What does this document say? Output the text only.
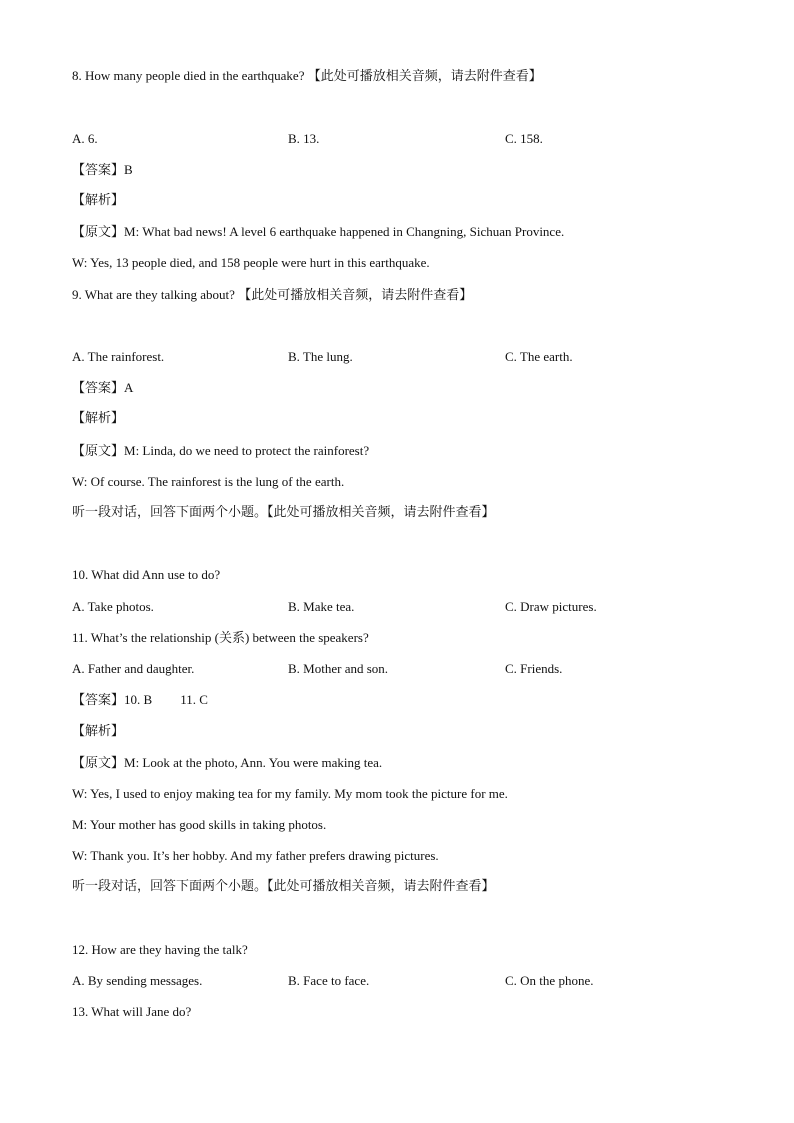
8. How many people died in the earthquake? 【此处可播放相关音频，请去附件查看】
A. 6.	B. 13.	C. 158.
【答案】B
【解析】
【原文】M: What bad news! A level 6 earthquake happened in Changning, Sichuan Province.
W: Yes, 13 people died, and 158 people were hurt in this earthquake.
9. What are they talking about? 【此处可播放相关音频，请去附件查看】
A. The rainforest.	B. The lung.	C. The earth.
【答案】A
【解析】
【原文】M: Linda, do we need to protect the rainforest?
W: Of course. The rainforest is the lung of the earth.
听一段对话，回答下面两个小题。【此处可播放相关音频，请去附件查看】
10. What did Ann use to do?
A. Take photos.	B. Make tea.	C. Draw pictures.
11. What’s the relationship (关系) between the speakers?
A. Father and daughter.	B. Mother and son.	C. Friends.
【答案】10. B 11. C
【解析】
【原文】M: Look at the photo, Ann. You were making tea.
W: Yes, I used to enjoy making tea for my family. My mom took the picture for me.
M: Your mother has good skills in taking photos.
W: Thank you. It’s her hobby. And my father prefers drawing pictures.
听一段对话，回答下面两个小题。【此处可播放相关音频，请去附件查看】
12. How are they having the talk?
A. By sending messages.	B. Face to face.	C. On the phone.
13. What will Jane do?
